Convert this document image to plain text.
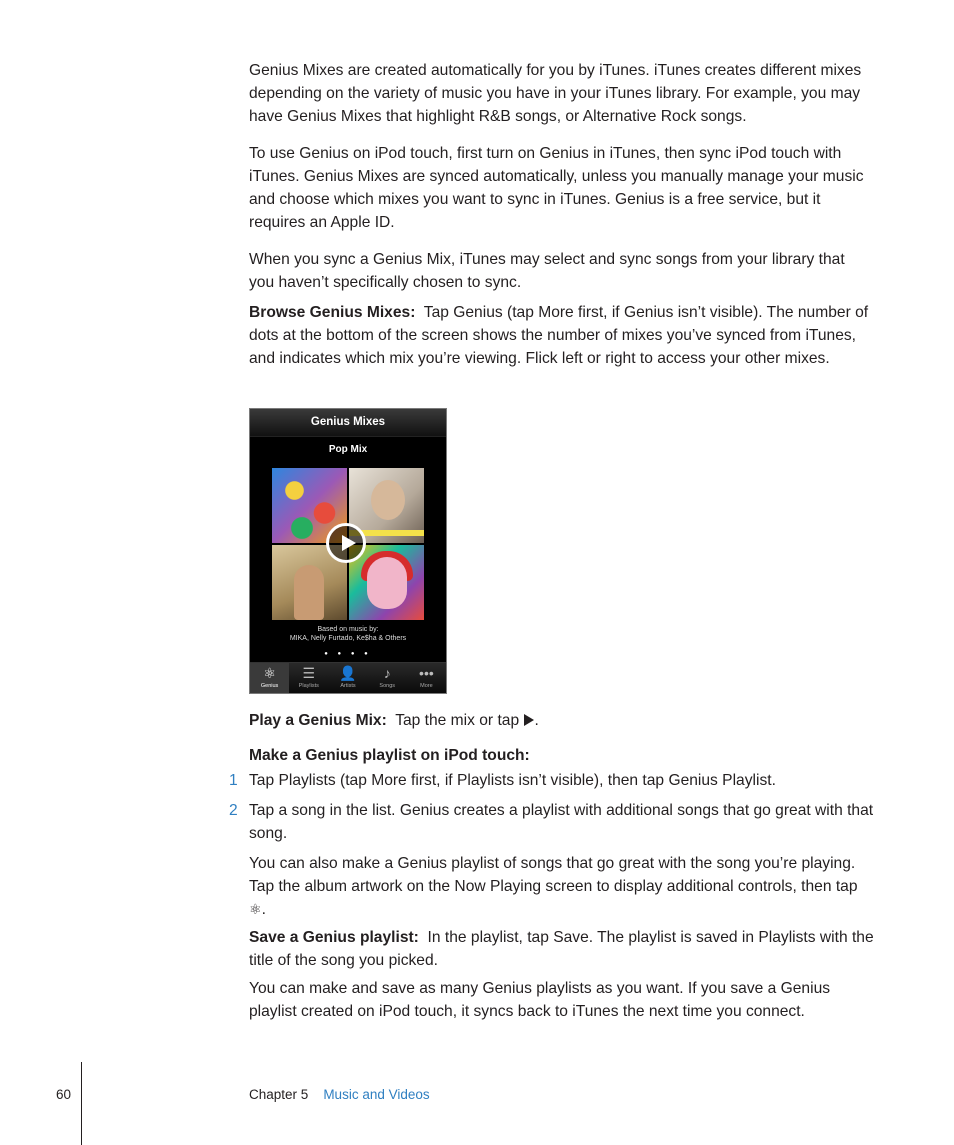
Genius Mixes are created automatically for you by iTunes. iTunes creates different mixes depending on the variety of music you have in your iTunes library. For example, you may have Genius Mixes that highlight R&B songs, or Alternative Rock songs.

To use Genius on iPod touch, first turn on Genius in iTunes, then sync iPod touch with iTunes. Genius Mixes are synced automatically, unless you manually manage your music and choose which mixes you want to sync in iTunes. Genius is a free service, but it requires an Apple ID.

When you sync a Genius Mix, iTunes may select and sync songs from your library that you haven’t specifically chosen to sync.

Browse Genius Mixes: Tap Genius (tap More first, if Genius isn’t visible). The number of dots at the bottom of the screen shows the number of mixes you’ve synced from iTunes, and indicates which mix you’re viewing. Flick left or right to access your other mixes.
Genius Mixes
Pop Mix
Based on music by:
MIKA, Nelly Furtado, Ke$ha & Others
● ● ● ●
⚛
Genius
☰
Playlists
👤
Artists
♪
Songs
•••
More
Play a Genius Mix: Tap the mix or tap .
Make a Genius playlist on iPod touch:
1 Tap Playlists (tap More first, if Playlists isn’t visible), then tap Genius Playlist.
2 Tap a song in the list. Genius creates a playlist with additional songs that go great with that song.
You can also make a Genius playlist of songs that go great with the song you’re playing. Tap the album artwork on the Now Playing screen to display additional controls, then tap ⚛.
Save a Genius playlist: In the playlist, tap Save. The playlist is saved in Playlists with the title of the song you picked.
You can make and save as many Genius playlists as you want. If you save a Genius playlist created on iPod touch, it syncs back to iTunes the next time you connect.
60	Chapter 5 Music and Videos
